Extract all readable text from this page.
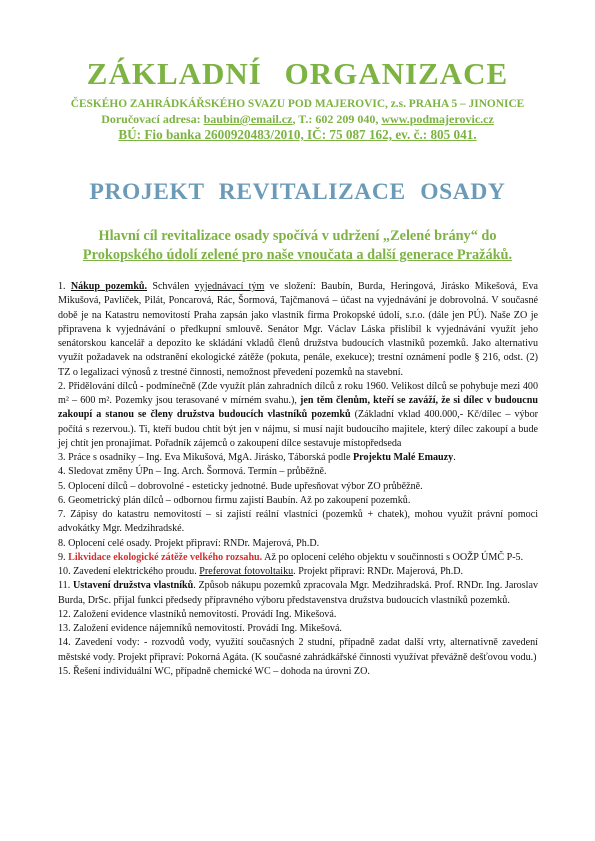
ZÁKLADNÍ ORGANIZACE
ČESKÉHO ZAHRÁDKÁŘSKÉHO SVAZU POD MAJEROVIC, z.s. PRAHA 5 – JINONICE
Doručovací adresa: baubin@email.cz, T.: 602 209 040, www.podmajerovic.cz
BÚ: Fio banka 2600920483/2010, IČ: 75 087 162, ev. č.: 805 041.
PROJEKT REVITALIZACE OSADY
Hlavní cíl revitalizace osady spočívá v udržení „Zelené brány“ do
Prokopského údolí zelené pro naše vnoučata a další generace Pražáků.

1. Nákup pozemků. Schválen vyjednávací tým ve složení: Baubín, Burda, Heringová, Jirásko Mikešová, Eva Mikušová, Pavlíček, Pilát, Poncarová, Rác, Šormová, Tajčmanová – účast na vyjednávání je dobrovolná. V současné době je na Katastru nemovitostí Praha zapsán jako vlastník firma Prokopské údolí, s.r.o. (dále jen PÚ). Naše ZO je připravena k vyjednávání o předkupní smlouvě. Senátor Mgr. Václav Láska přislíbil k vyjednávání využít jeho senátorskou kancelář a depozito ke skládání vkladů členů družstva budoucích vlastníků pozemků. Jako alternativu využít požadavek na odstranění ekologické zátěže (pokuta, penále, exekuce); trestní oznámení podle § 216, odst. (2) TZ o legalizaci výnosů z trestné činnosti, nemožnost převedení pozemků na stavební.

2. Přidělování dílců - podmínečně (Zde využít plán zahradních dílců z roku 1960. Velikost dílců se pohybuje mezi 400 m² – 600 m². Pozemky jsou terasované v mírném svahu.), jen těm členům, kteří se zaváží, že si dílec v budoucnu zakoupí a stanou se členy družstva budoucích vlastníků pozemků (Základní vklad 400.000,- Kč/dílec – výbor počítá s rezervou.). Ti, kteří budou chtít být jen v nájmu, si musí najít budoucího majitele, který dílec zakoupí a bude jej chtít jen pronajímat. Pořadník zájemců o zakoupení dílce sestavuje místopředseda

3. Práce s osadníky – Ing. Eva Mikušová, MgA. Jirásko, Táborská podle Projektu Malé Emauzy.

4. Sledovat změny ÚPn – Ing. Arch. Šormová. Termín – průběžně.

5. Oplocení dílců – dobrovolné - esteticky jednotné. Bude upřesňovat výbor ZO průběžně.

6. Geometrický plán dílců – odbornou firmu zajistí Baubín. Až po zakoupení pozemků.

7. Zápisy do katastru nemovitostí – si zajistí reální vlastníci (pozemků + chatek), mohou využít právní pomoci advokátky Mgr. Medzihradské.

8. Oplocení celé osady. Projekt připraví: RNDr. Majerová, Ph.D.

9. Likvidace ekologické zátěže velkého rozsahu. Až po oplocení celého objektu v součinnosti s OOŽP ÚMČ P-5.

10. Zavedení elektrického proudu. Preferovat fotovoltaiku. Projekt připraví: RNDr. Majerová, Ph.D.

11. Ustavení družstva vlastníků. Způsob nákupu pozemků zpracovala Mgr. Medzihradská. Prof. RNDr. Ing. Jaroslav Burda, DrSc. přijal funkci předsedy přípravného výboru představenstva družstva budoucích vlastníků pozemků.

12. Založení evidence vlastníků nemovitostí. Provádí Ing. Mikešová.

13. Založení evidence nájemníků nemovitostí. Provádí Ing. Mikešová.

14. Zavedení vody: - rozvodů vody, využití současných 2 studní, případně zadat další vrty, alternativně zavedení městské vody. Projekt připraví: Pokorná Agáta. (K současné zahrádkářské činnosti využívat převážně dešťovou vodu.)

15. Řešení individuální WC, případně chemické WC – dohoda na úrovni ZO.
